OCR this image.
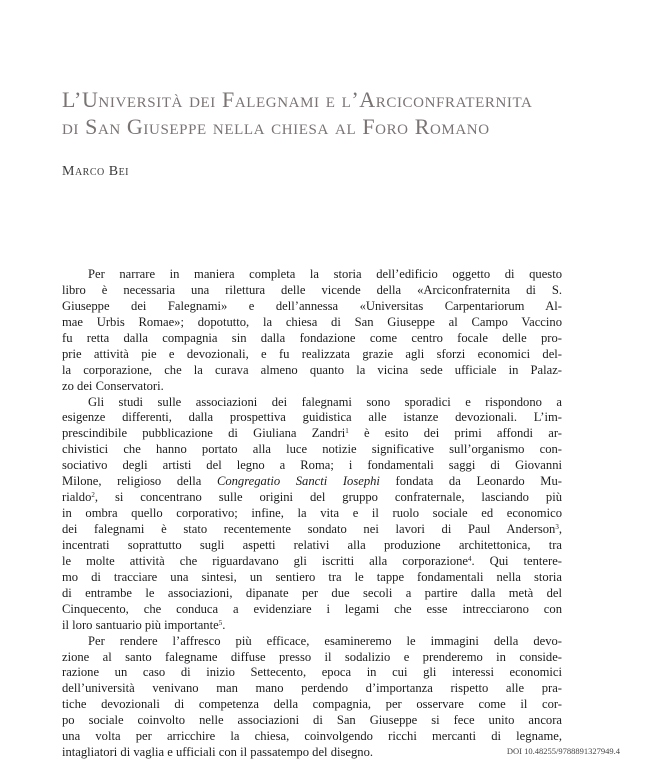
L’Università dei Falegnami e l’Arciconfraternita
di San Giuseppe nella chiesa al Foro Romano

Marco Bei

Per narrare in maniera completa la storia dell’edificio oggetto di questo
libro è necessaria una rilettura delle vicende della «Arciconfraternita di S.
Giuseppe dei Falegnami» e dell’annessa «Universitas Carpentariorum Al-
mae Urbis Romae»; dopotutto, la chiesa di San Giuseppe al Campo Vaccino
fu retta dalla compagnia sin dalla fondazione come centro focale delle pro-
prie attività pie e devozionali, e fu realizzata grazie agli sforzi economici del-
la corporazione, che la curava almeno quanto la vicina sede ufficiale in Palaz-
zo dei Conservatori.
Gli studi sulle associazioni dei falegnami sono sporadici e rispondono a
esigenze differenti, dalla prospettiva guidistica alle istanze devozionali. L’im-
prescindibile pubblicazione di Giuliana Zandri$^1$ è esito dei primi affondi ar-
chivistici che hanno portato alla luce notizie significative sull’organismo con-
sociativo degli artisti del legno a Roma; i fondamentali saggi di Giovanni
Milone, religioso della Congregatio Sancti Iosephi fondata da Leonardo Mu-
rialdo$^2$, si concentrano sulle origini del gruppo confraternale, lasciando più
in ombra quello corporativo; infine, la vita e il ruolo sociale ed economico
dei falegnami è stato recentemente sondato nei lavori di Paul Anderson$^3$,
incentrati soprattutto sugli aspetti relativi alla produzione architettonica, tra
le molte attività che riguardavano gli iscritti alla corporazione$^4$. Qui tentere-
mo di tracciare una sintesi, un sentiero tra le tappe fondamentali nella storia
di entrambe le associazioni, dipanate per due secoli a partire dalla metà del
Cinquecento, che conduca a evidenziare i legami che esse intrecciarono con
il loro santuario più importante$^5$.
Per rendere l’affresco più efficace, esamineremo le immagini della devo-
zione al santo falegname diffuse presso il sodalizio e prenderemo in conside-
razione un caso di inizio Settecento, epoca in cui gli interessi economici
dell’università venivano man mano perdendo d’importanza rispetto alle pra-
tiche devozionali di competenza della compagnia, per osservare come il cor-
po sociale coinvolto nelle associazioni di San Giuseppe si fece unito ancora
una volta per arricchire la chiesa, coinvolgendo ricchi mercanti di legname,
intagliatori di vaglia e ufficiali con il passatempo del disegno.	DOI 10.48255/9788891327949.4
